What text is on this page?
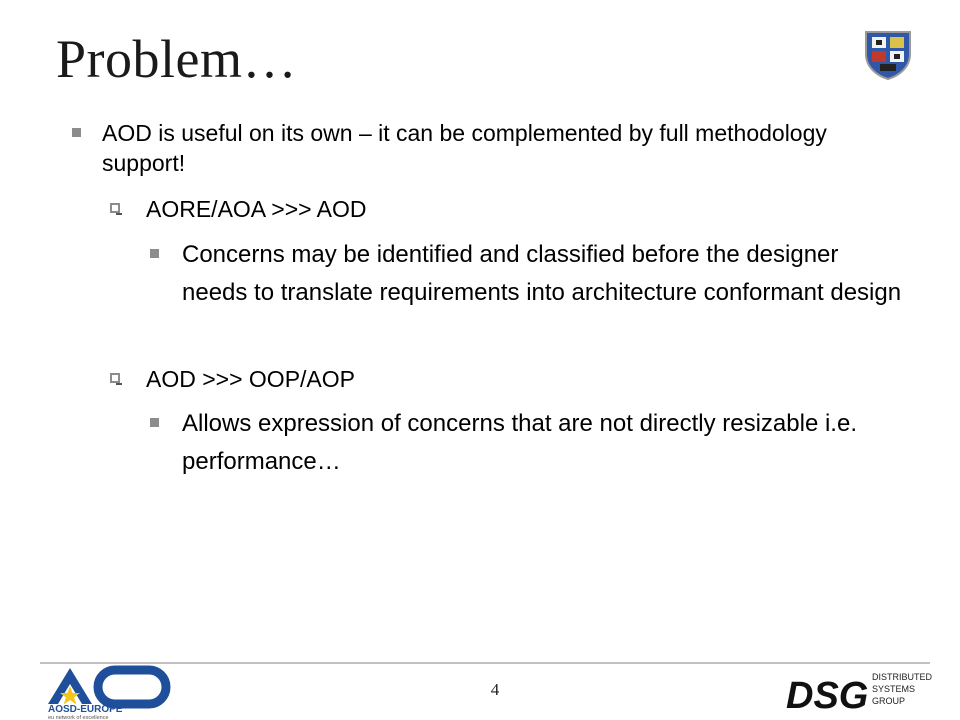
Problem…
AOD is useful on its own – it can be complemented by full methodology support!
AORE/AOA >>> AOD
Concerns may be identified and classified before the designer needs to translate requirements into architecture conformant design
AOD >>> OOP/AOP
Allows expression of concerns that are not directly resizable i.e. performance…
AOSD-EUROPE
eu network of excellence
4	DSG DISTRIBUTED
SYSTEMS
GROUP
